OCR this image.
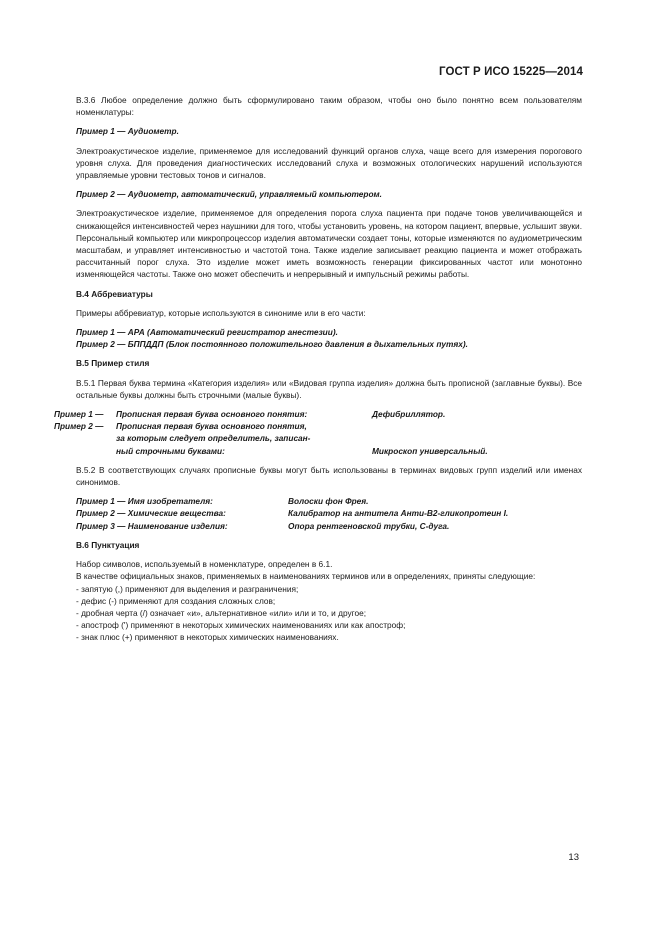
ГОСТ Р ИСО 15225—2014

В.3.6 Любое определение должно быть сформулировано таким образом, чтобы оно было понятно всем пользователям номенклатуры:

Пример 1 — Аудиометр.

Электроакустическое изделие, применяемое для исследований функций органов слуха, чаще всего для измерения порогового уровня слуха. Для проведения диагностических исследований слуха и возможных отологических нарушений используются управляемые уровни тестовых тонов и сигналов.

Пример 2 — Аудиометр, автоматический, управляемый компьютером.

Электроакустическое изделие, применяемое для определения порога слуха пациента при подаче тонов увеличивающейся и снижающейся интенсивностей через наушники для того, чтобы установить уровень, на котором пациент, впервые, услышит звуки. Персональный компьютер или микропроцессор изделия автоматически создает тоны, которые изменяются по аудиометрическим масштабам, и управляет интенсивностью и частотой тона. Также изделие записывает реакцию пациента и может отображать рассчитанный порог слуха. Это изделие может иметь возможность генерации фиксированных частот или монотонно изменяющейся частоты. Также оно может обеспечить и непрерывный и импульсный режимы работы.

В.4 Аббревиатуры

Примеры аббревиатур, которые используются в синониме или в его части:

Пример 1 — АРА (Автоматический регистратор анестезии).

Пример 2 — БППДДП (Блок постоянного положительного давления в дыхательных путях).

В.5 Пример стиля

В.5.1 Первая буква термина «Категория изделия» или «Видовая группа изделия» должна быть прописной (заглавные буквы). Все остальные буквы должны быть строчными (малые буквы).

Пример 1 — Прописная первая буква основного понятия:	Дефибриллятор.
Пример 2 — Прописная первая буква основного понятия,
за которым следует определитель, записан-
ный строчными буквами:	Микроскоп универсальный.

В.5.2 В соответствующих случаях прописные буквы могут быть использованы в терминах видовых групп изделий или именах синонимов.

Пример 1 — Имя изобретателя:	Волоски фон Фрея.
Пример 2 — Химические вещества:	Калибратор на антитела Анти-В2-гликопротеин I.
Пример 3 — Наименование изделия:	Опора рентгеновской трубки, С-дуга.

В.6 Пунктуация

Набор символов, используемый в номенклатуре, определен в 6.1.

В качестве официальных знаков, применяемых в наименованиях терминов или в определениях, приняты следующие:

- запятую (,) применяют для выделения и разграничения;

- дефис (-) применяют для создания сложных слов;

- дробная черта (/) означает «и», альтернативное «или» или и то, и другое;

- апостроф (') применяют в некоторых химических наименованиях или как апостроф;

- знак плюс (+) применяют в некоторых химических наименованиях.

13
